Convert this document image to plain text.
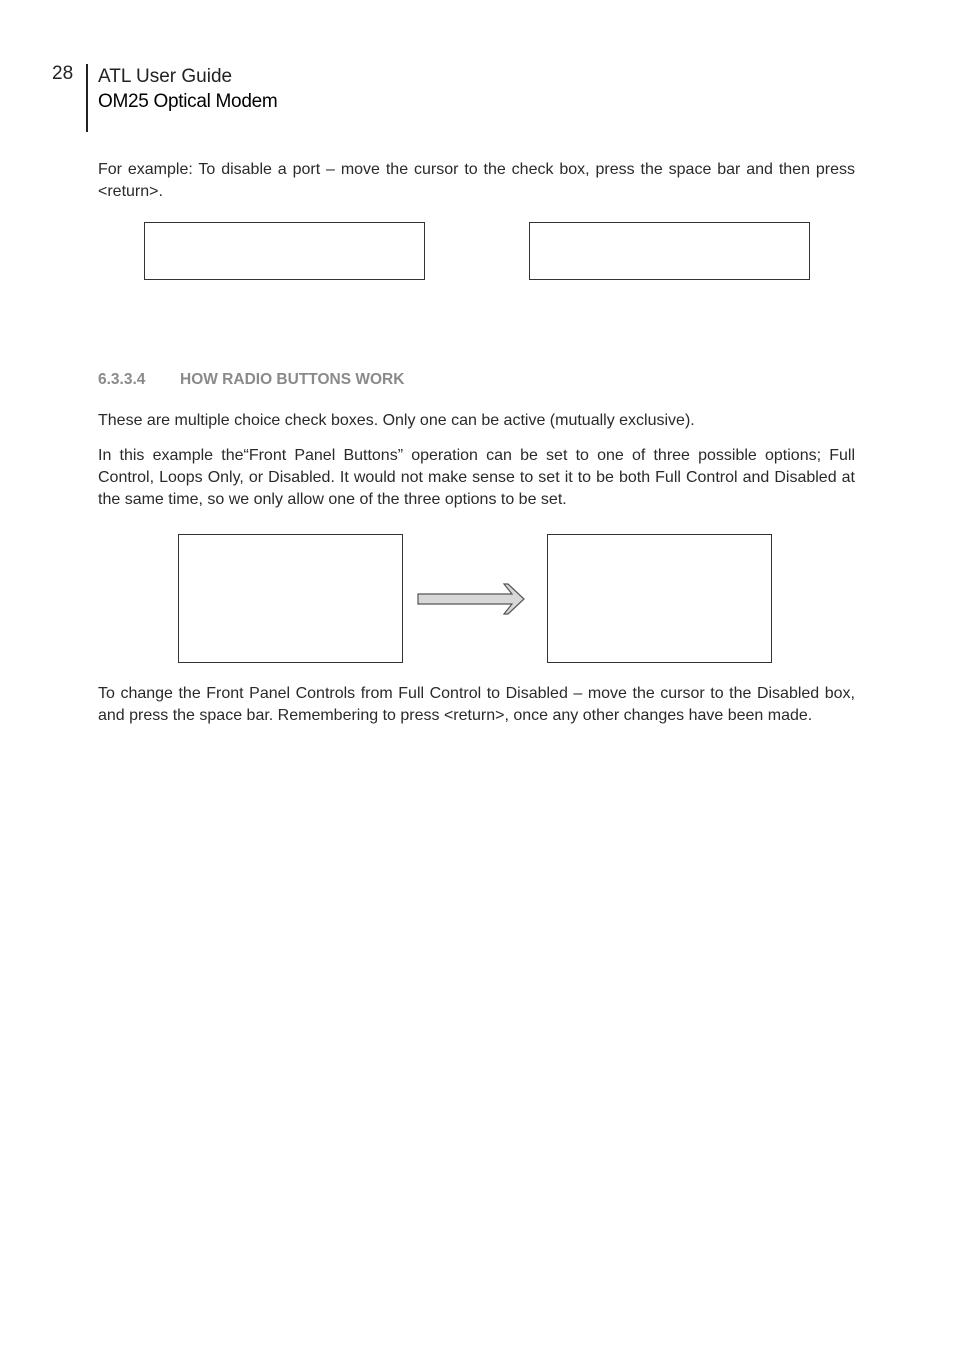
28 ATL User Guide
OM25 Optical Modem

For example: To disable a port – move the cursor to the check box, press the space bar and then press <return>.

6.3.3.4 HOW RADIO BUTTONS WORK

These are multiple choice check boxes. Only one can be active (mutually exclusive).

In this example the“Front Panel Buttons” operation can be set to one of three possible options; Full Control, Loops Only, or Disabled. It would not make sense to set it to be both Full Control and Disabled at the same time, so we only allow one of the three options to be set.

To change the Front Panel Controls from Full Control to Disabled – move the cursor to the Disabled box, and press the space bar. Remembering to press <return>, once any other changes have been made.
